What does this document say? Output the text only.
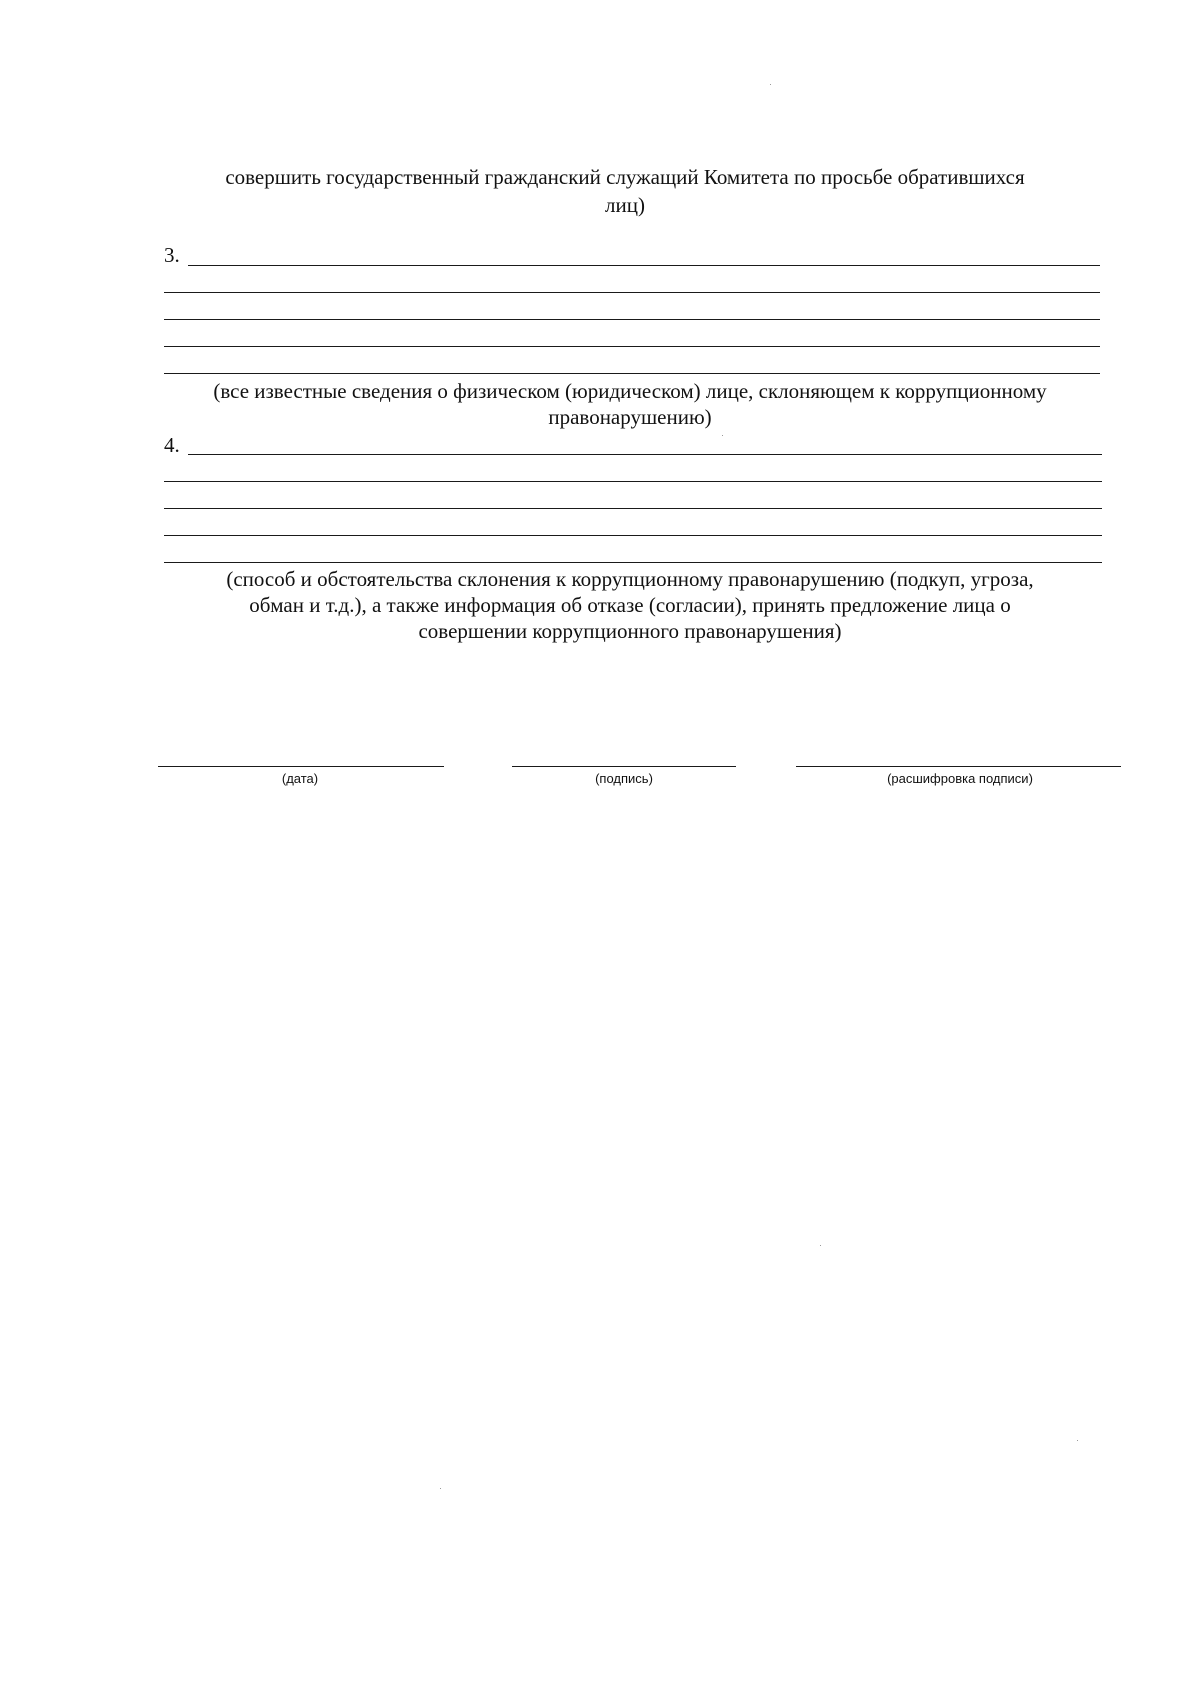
совершить государственный гражданский служащий Комитета по просьбе обратившихся
лиц)
3.
(все известные сведения о физическом (юридическом) лице, склоняющем к коррупционному
правонарушению)
4.
(способ и обстоятельства склонения к коррупционному правонарушению (подкуп, угроза,
обман и т.д.), а также информация об отказе (согласии), принять предложение лица о
совершении коррупционного правонарушения)
(дата)	(подпись)	(расшифровка подписи)
